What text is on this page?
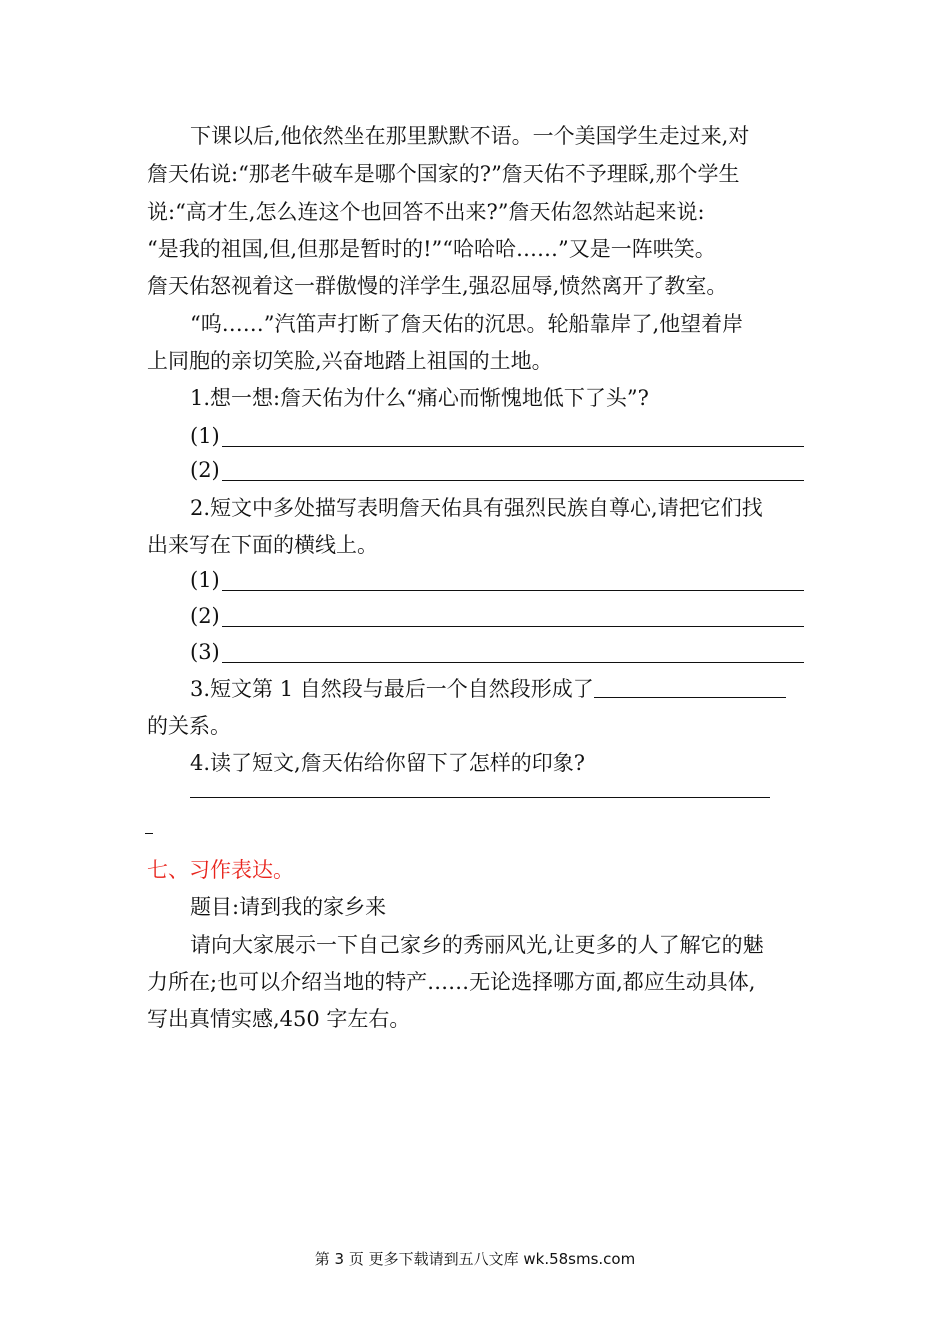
下课以后,他依然坐在那里默默不语。一个美国学生走过来,对
詹天佑说:“那老牛破车是哪个国家的?”詹天佑不予理睬,那个学生
说:“高才生,怎么连这个也回答不出来?”詹天佑忽然站起来说:
“是我的祖国,但,但那是暂时的!”“哈哈哈……”又是一阵哄笑。
詹天佑怒视着这一群傲慢的洋学生,强忍屈辱,愤然离开了教室。
“呜……”汽笛声打断了詹天佑的沉思。轮船靠岸了,他望着岸
上同胞的亲切笑脸,兴奋地踏上祖国的土地。
1.想一想:詹天佑为什么“痛心而惭愧地低下了头”?
(1)
(2)
2.短文中多处描写表明詹天佑具有强烈民族自尊心,请把它们找
出来写在下面的横线上。
(1)
(2)
(3)
3.短文第 1 自然段与最后一个自然段形成了
的关系。
4.读了短文,詹天佑给你留下了怎样的印象?
七、习作表达。
题目:请到我的家乡来
请向大家展示一下自己家乡的秀丽风光,让更多的人了解它的魅
力所在;也可以介绍当地的特产……无论选择哪方面,都应生动具体,
写出真情实感,450 字左右。
第 3 页 更多下载请到五八文库 wk.58sms.com
